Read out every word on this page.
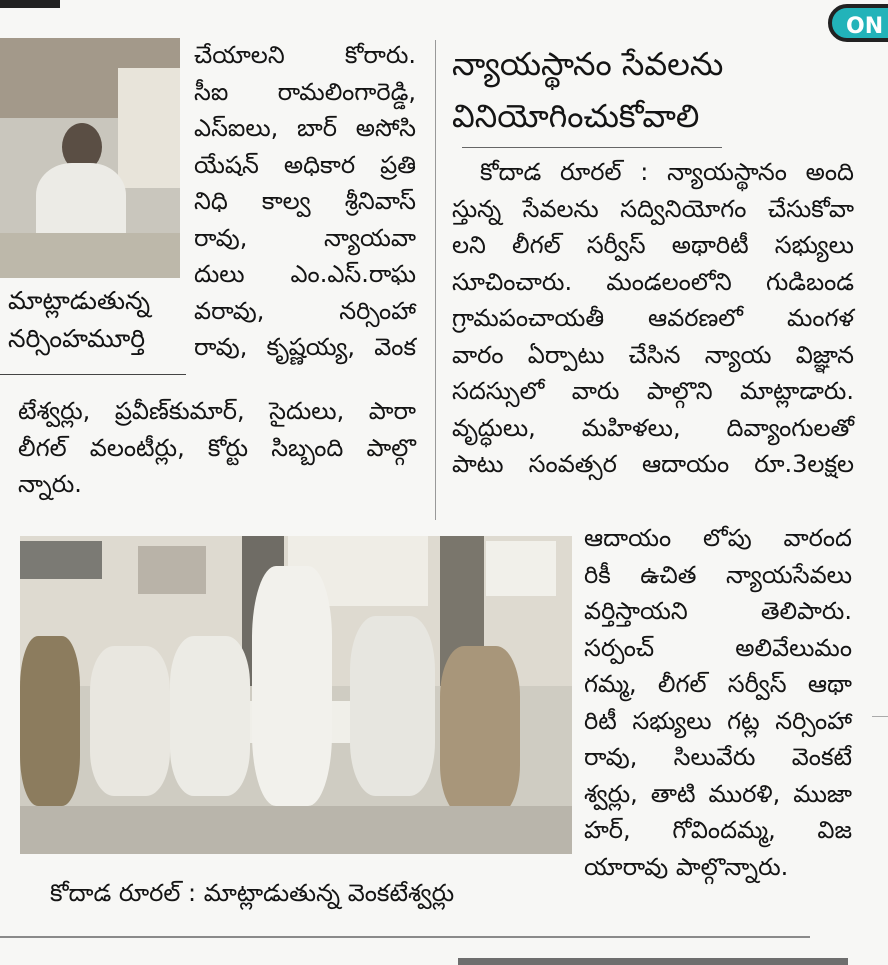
ON
మాట్లాడుతున్న
నర్సింహమూర్తి
చేయాలని కోరారు.
సీఐ రామలింగారెడ్డి,
ఎస్ఐలు, బార్ అసోసి
యేషన్ అధికార ప్రతి
నిధి కాల్వ శ్రీనివాస్
రావు, న్యాయవా
దులు ఎం.ఎస్.రాఘ
వరావు, నర్సింహా
రావు, కృష్ణయ్య, వెంక
టేశ్వర్లు, ప్రవీణ్‌కుమార్, సైదులు, పారా
లీగల్ వలంటీర్లు, కోర్టు సిబ్బంది పాల్గొ
న్నారు.
న్యాయస్థానం సేవలను
వినియోగించుకోవాలి
కోదాడ రూరల్ : న్యాయస్థానం అంది
స్తున్న సేవలను సద్వినియోగం చేసుకోవా
లని లీగల్ సర్వీస్ అథారిటీ సభ్యులు
సూచించారు. మండలంలోని గుడిబండ
గ్రామపంచాయతీ ఆవరణలో మంగళ
వారం ఏర్పాటు చేసిన న్యాయ విజ్ఞాన
సదస్సులో వారు పాల్గొని మాట్లాడారు.
వృద్ధులు, మహిళలు, దివ్యాంగులతో
పాటు సంవత్సర ఆదాయం రూ.3లక్షల
ఆదాయం లోపు వారంద
రికీ ఉచిత న్యాయసేవలు
వర్తిస్తాయని తెలిపారు.
సర్పంచ్ అలివేలుమం
గమ్మ, లీగల్ సర్వీస్ ఆథా
రిటీ సభ్యులు గట్ల నర్సింహా
రావు, సిలువేరు వెంకటే
శ్వర్లు, తాటి మురళి, ముజా
హర్, గోవిందమ్మ, విజ
యారావు పాల్గొన్నారు.
కోదాడ రూరల్ : మాట్లాడుతున్న వెంకటేశ్వర్లు
